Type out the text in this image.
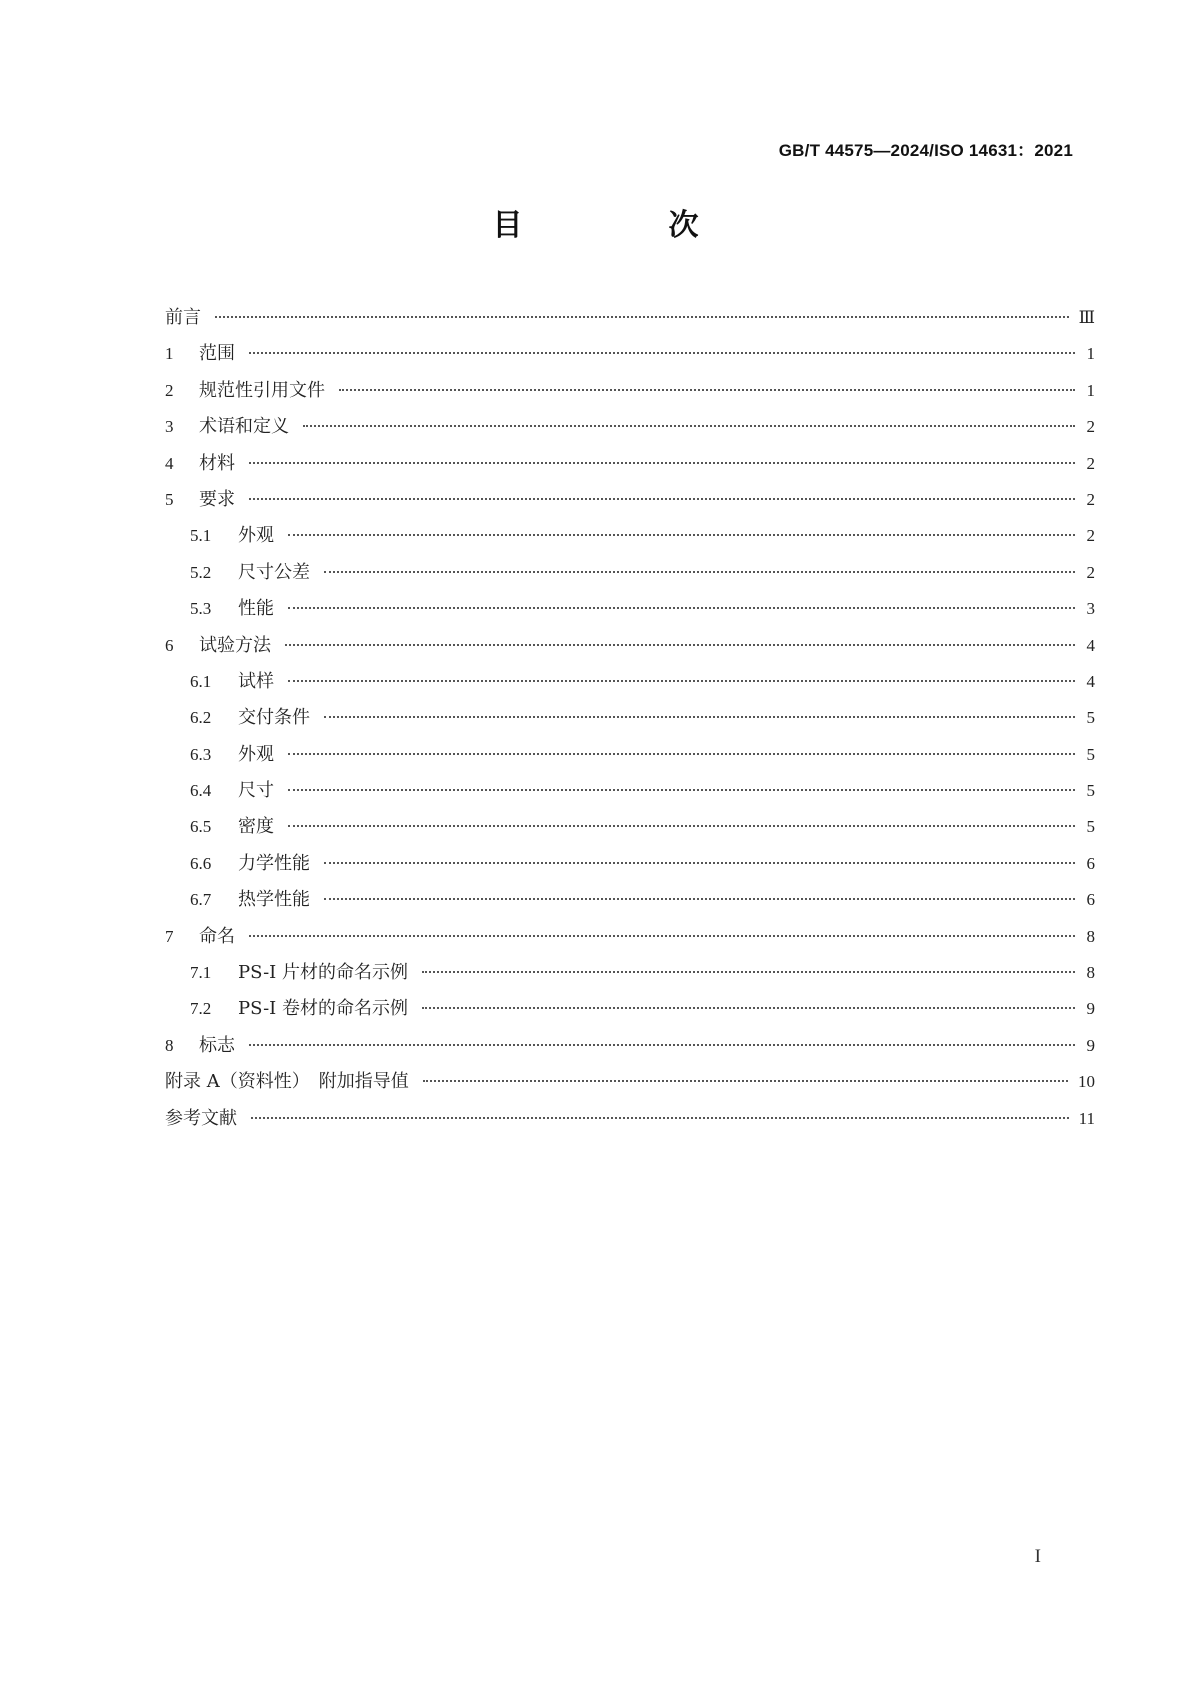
GB/T 44575—2024/ISO 14631：2021
目　次
前言	Ⅲ
1	范围	1
2	规范性引用文件	1
3	术语和定义	2
4	材料	2
5	要求	2
5.1	外观	2
5.2	尺寸公差	2
5.3	性能	3
6	试验方法	4
6.1	试样	4
6.2	交付条件	5
6.3	外观	5
6.4	尺寸	5
6.5	密度	5
6.6	力学性能	6
6.7	热学性能	6
7	命名	8
7.1	PS-I 片材的命名示例	8
7.2	PS-I 卷材的命名示例	9
8	标志	9
附录 A（资料性）　附加指导值	10
参考文献	11
I
